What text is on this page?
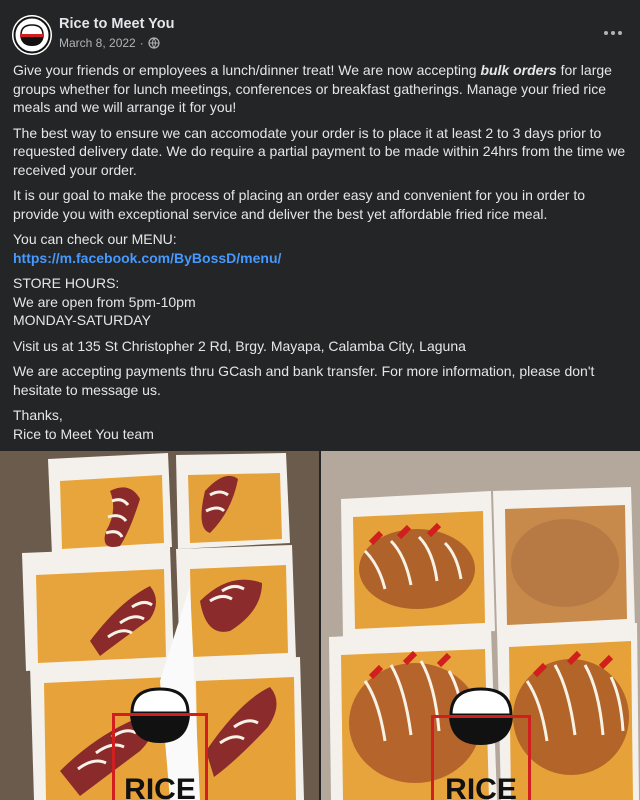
Rice to Meet You
March 8, 2022 ·

Give your friends or employees a lunch/dinner treat! We are now accepting bulk orders for large groups whether for lunch meetings, conferences or breakfast gatherings. Manage your fried rice meals and we will arrange it for you!

The best way to ensure we can accomodate your order is to place it at least 2 to 3 days prior to requested delivery date. We do require a partial payment to be made within 24hrs from the time we received your order.

It is our goal to make the process of placing an order easy and convenient for you in order to provide you with exceptional service and deliver the best yet affordable fried rice meal.

You can check our MENU:
https://m.facebook.com/ByBossD/menu/

STORE HOURS:
We are open from 5pm-10pm
MONDAY-SATURDAY

Visit us at 135 St Christopher 2 Rd, Brgy. Mayapa, Calamba City, Laguna

We are accepting payments thru GCash and bank transfer. For more information, please don't hesitate to message us.

Thanks,
Rice to Meet You team

RICE	RICE
